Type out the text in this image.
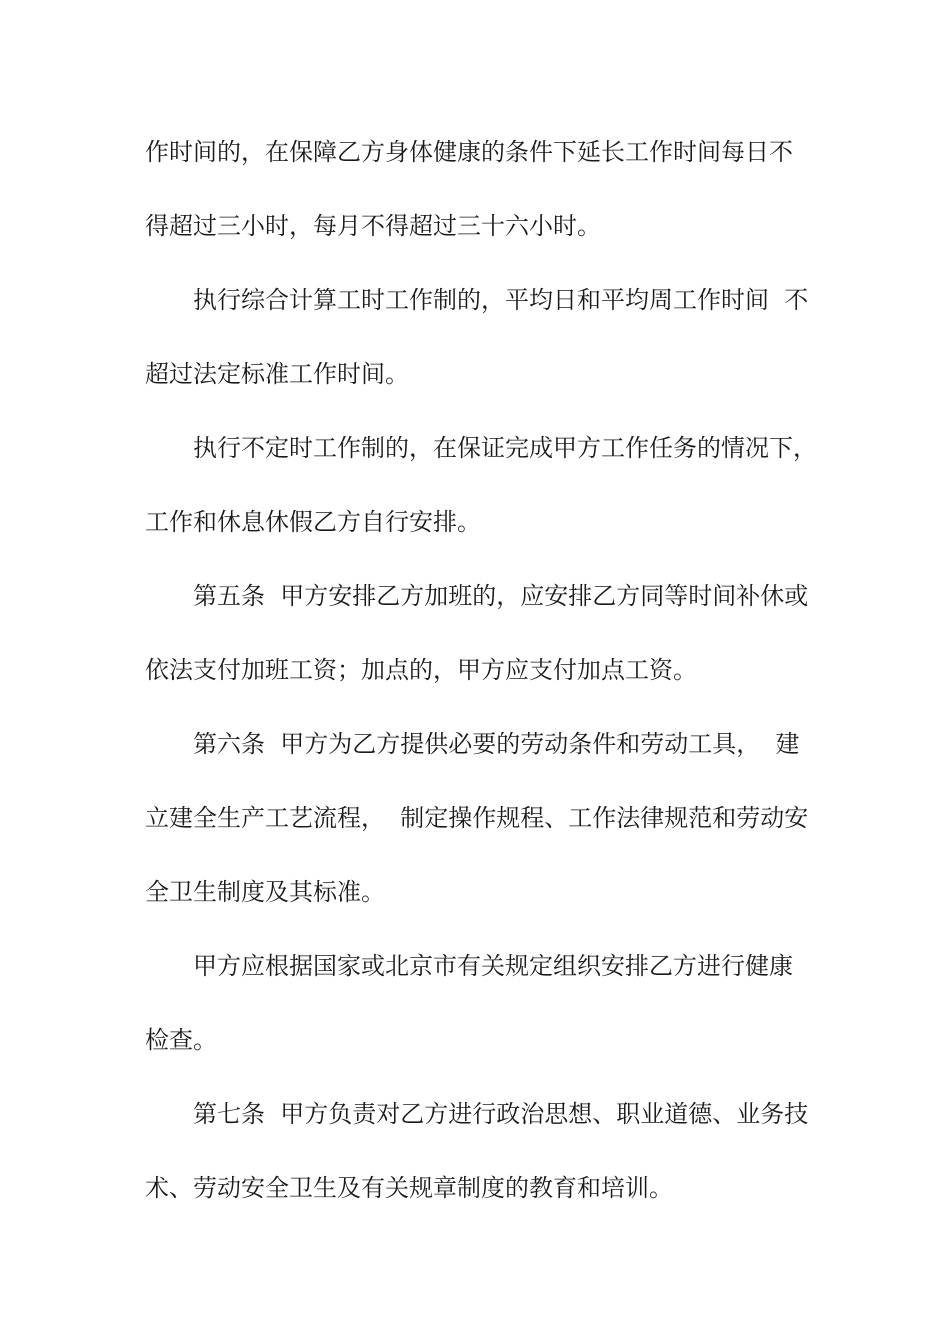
作时间的，在保障乙方身体健康的条件下延长工作时间每日不
得超过三小时，每月不得超过三十六小时。
执行综合计算工时工作制的，平均日和平均周工作时间  不
超过法定标准工作时间。
执行不定时工作制的，在保证完成甲方工作任务的情况下，
工作和休息休假乙方自行安排。
第五条  甲方安排乙方加班的，应安排乙方同等时间补休或
依法支付加班工资；加点的，甲方应支付加点工资。
第六条  甲方为乙方提供必要的劳动条件和劳动工具，  建
立建全生产工艺流程，  制定操作规程、工作法律规范和劳动安
全卫生制度及其标准。
甲方应根据国家或北京市有关规定组织安排乙方进行健康
检查。
第七条  甲方负责对乙方进行政治思想、职业道德、业务技
术、劳动安全卫生及有关规章制度的教育和培训。
